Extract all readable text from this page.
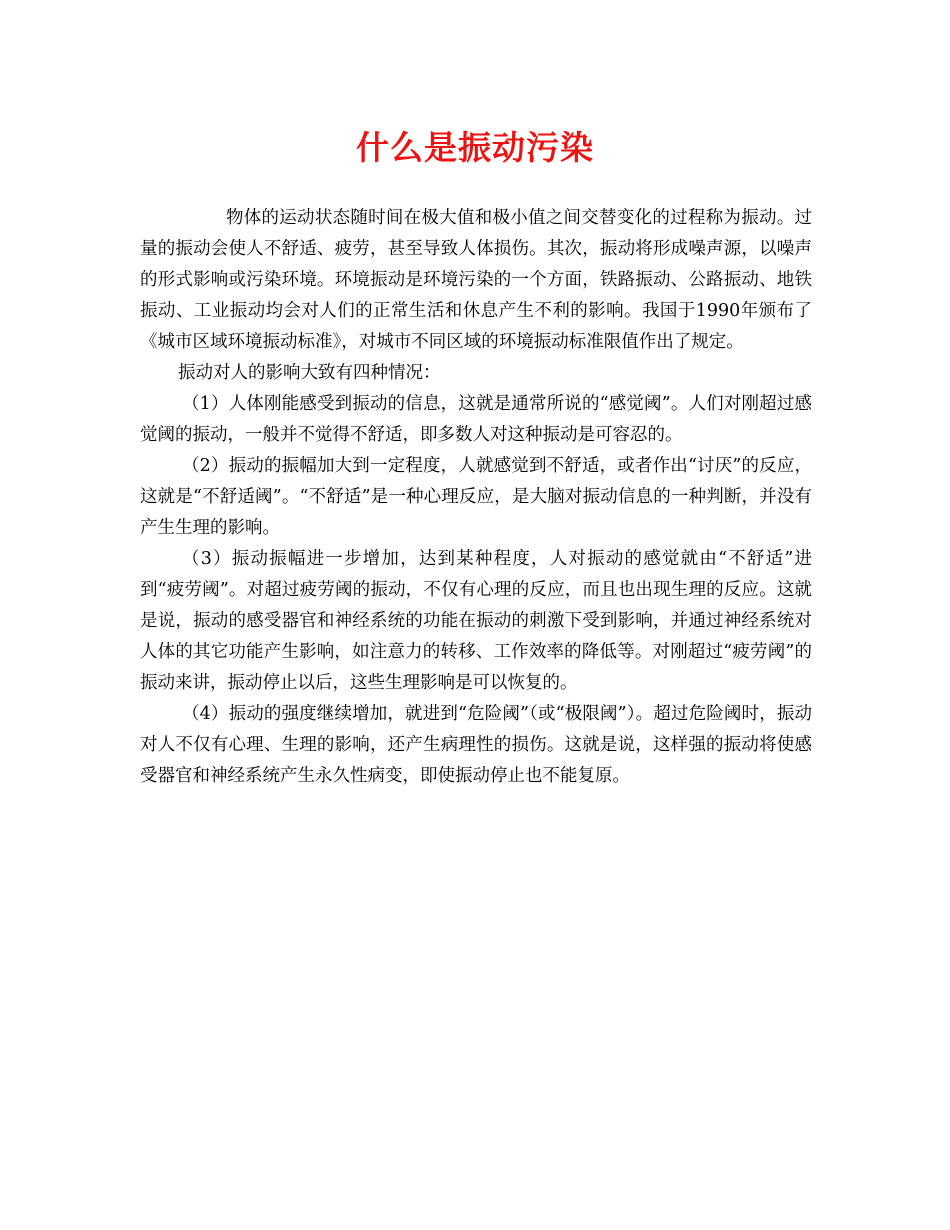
什么是振动污染

物体的运动状态随时间在极大值和极小值之间交替变化的过程称为振动。过量的振动会使人不舒适、疲劳，甚至导致人体损伤。其次，振动将形成噪声源，以噪声的形式影响或污染环境。环境振动是环境污染的一个方面，铁路振动、公路振动、地铁振动、工业振动均会对人们的正常生活和休息产生不利的影响。我国于1990年颁布了《城市区域环境振动标准》，对城市不同区域的环境振动标准限值作出了规定。

振动对人的影响大致有四种情况：

（1）人体刚能感受到振动的信息，这就是通常所说的“感觉阈”。人们对刚超过感觉阈的振动，一般并不觉得不舒适，即多数人对这种振动是可容忍的。

（2）振动的振幅加大到一定程度，人就感觉到不舒适，或者作出“讨厌”的反应，这就是“不舒适阈”。“不舒适”是一种心理反应，是大脑对振动信息的一种判断，并没有产生生理的影响。

（3）振动振幅进一步增加，达到某种程度，人对振动的感觉就由“不舒适”进到“疲劳阈”。对超过疲劳阈的振动，不仅有心理的反应，而且也出现生理的反应。这就是说，振动的感受器官和神经系统的功能在振动的刺激下受到影响，并通过神经系统对人体的其它功能产生影响，如注意力的转移、工作效率的降低等。对刚超过“疲劳阈”的振动来讲，振动停止以后，这些生理影响是可以恢复的。

（4）振动的强度继续增加，就进到“危险阈”（或“极限阈”）。超过危险阈时，振动对人不仅有心理、生理的影响，还产生病理性的损伤。这就是说，这样强的振动将使感受器官和神经系统产生永久性病变，即使振动停止也不能复原。
